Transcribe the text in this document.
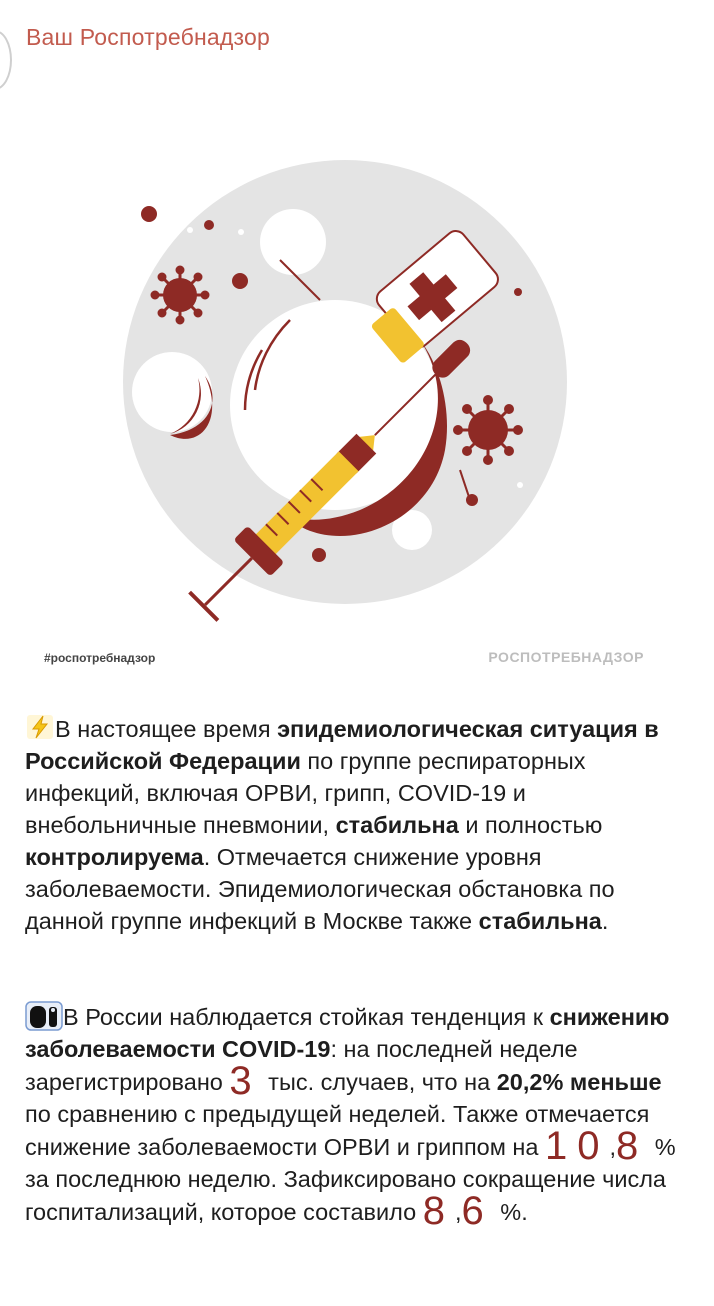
Ваш Роспотребнадзор
#роспотребнадзор	РОСПОТРЕБНАДЗОР
В настоящее время эпидемиологическая ситуация в Российской Федерации по группе респираторных инфекций, включая ОРВИ, грипп, COVID-19 и внебольничные пневмонии, стабильна и полностью контролируема. Отмечается снижение уровня заболеваемости. Эпидемиологическая обстановка по данной группе инфекций в Москве также стабильна.
В России наблюдается стойкая тенденция к снижению заболеваемости COVID-19: на последней неделе зарегистрировано 3 тыс. случаев, что на 20,2% меньше по сравнению с предыдущей неделей. Также отмечается снижение заболеваемости ОРВИ и гриппом на 10,8 % за последнюю неделю. Зафиксировано сокращение числа госпитализаций, которое составило 8,6 %.
